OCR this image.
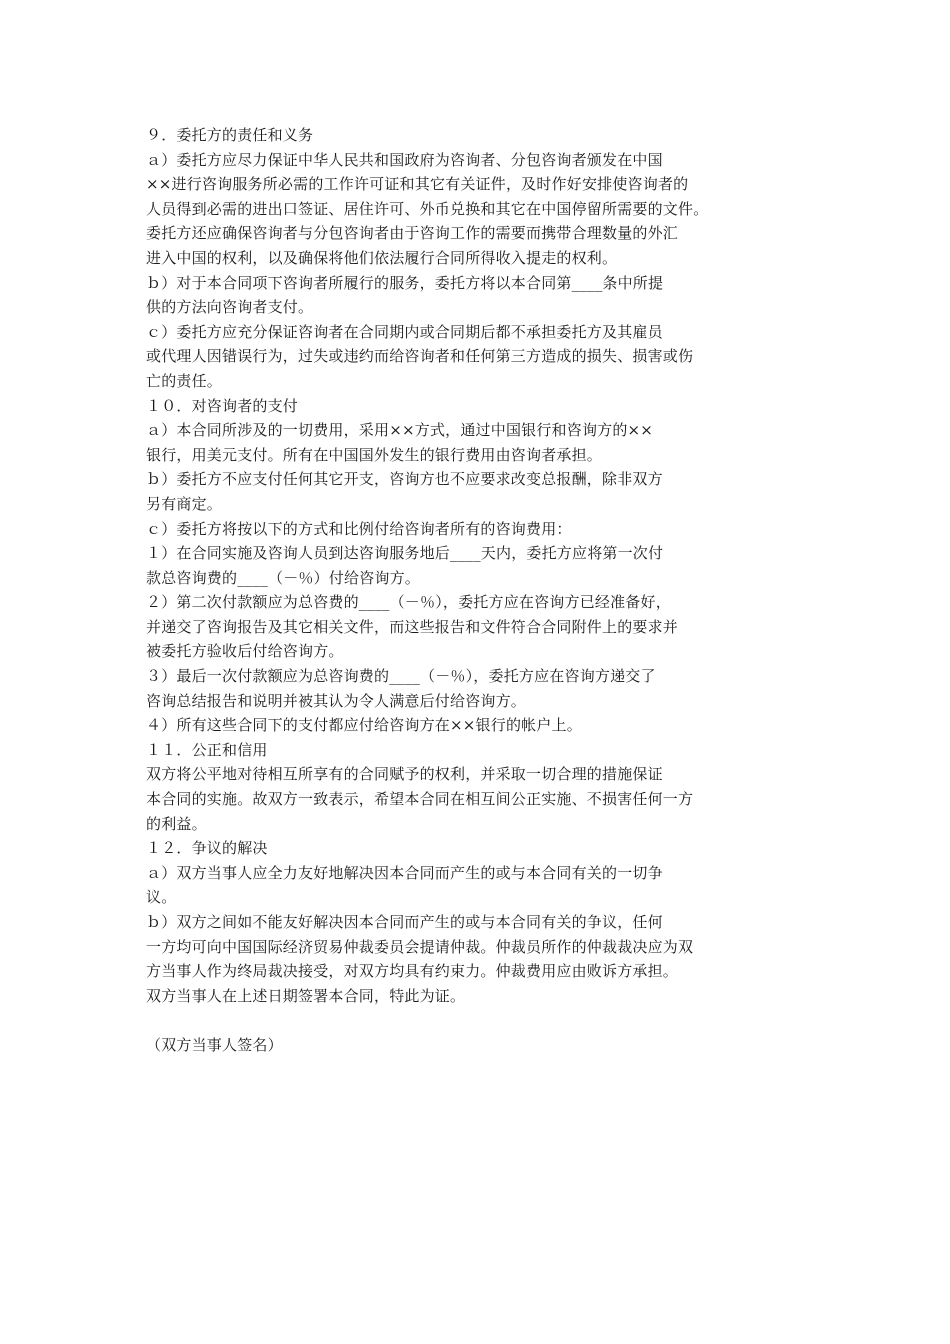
９．委托方的责任和义务
ａ）委托方应尽力保证中华人民共和国政府为咨询者、分包咨询者颁发在中国
××进行咨询服务所必需的工作许可证和其它有关证件，及时作好安排使咨询者的
人员得到必需的进出口签证、居住许可、外币兑换和其它在中国停留所需要的文件。
委托方还应确保咨询者与分包咨询者由于咨询工作的需要而携带合理数量的外汇
进入中国的权利，以及确保将他们依法履行合同所得收入提走的权利。
ｂ）对于本合同项下咨询者所履行的服务，委托方将以本合同第____条中所提
供的方法向咨询者支付。
ｃ）委托方应充分保证咨询者在合同期内或合同期后都不承担委托方及其雇员
或代理人因错误行为，过失或违约而给咨询者和任何第三方造成的损失、损害或伤
亡的责任。
１０．对咨询者的支付
ａ）本合同所涉及的一切费用，采用××方式，通过中国银行和咨询方的××
银行，用美元支付。所有在中国国外发生的银行费用由咨询者承担。
ｂ）委托方不应支付任何其它开支，咨询方也不应要求改变总报酬，除非双方
另有商定。
ｃ）委托方将按以下的方式和比例付给咨询者所有的咨询费用：
１）在合同实施及咨询人员到达咨询服务地后____天内，委托方应将第一次付
款总咨询费的____（－％）付给咨询方。
２）第二次付款额应为总咨费的____（－％），委托方应在咨询方已经准备好，
并递交了咨询报告及其它相关文件，而这些报告和文件符合合同附件上的要求并
被委托方验收后付给咨询方。
３）最后一次付款额应为总咨询费的____（－％），委托方应在咨询方递交了
咨询总结报告和说明并被其认为令人满意后付给咨询方。
４）所有这些合同下的支付都应付给咨询方在××银行的帐户上。
１１．公正和信用
双方将公平地对待相互所享有的合同赋予的权利，并采取一切合理的措施保证
本合同的实施。故双方一致表示，希望本合同在相互间公正实施、不损害任何一方
的利益。
１２．争议的解决
ａ）双方当事人应全力友好地解决因本合同而产生的或与本合同有关的一切争
议。
ｂ）双方之间如不能友好解决因本合同而产生的或与本合同有关的争议，任何
一方均可向中国国际经济贸易仲裁委员会提请仲裁。仲裁员所作的仲裁裁决应为双
方当事人作为终局裁决接受，对双方均具有约束力。仲裁费用应由败诉方承担。
双方当事人在上述日期签署本合同，特此为证。
（双方当事人签名）
